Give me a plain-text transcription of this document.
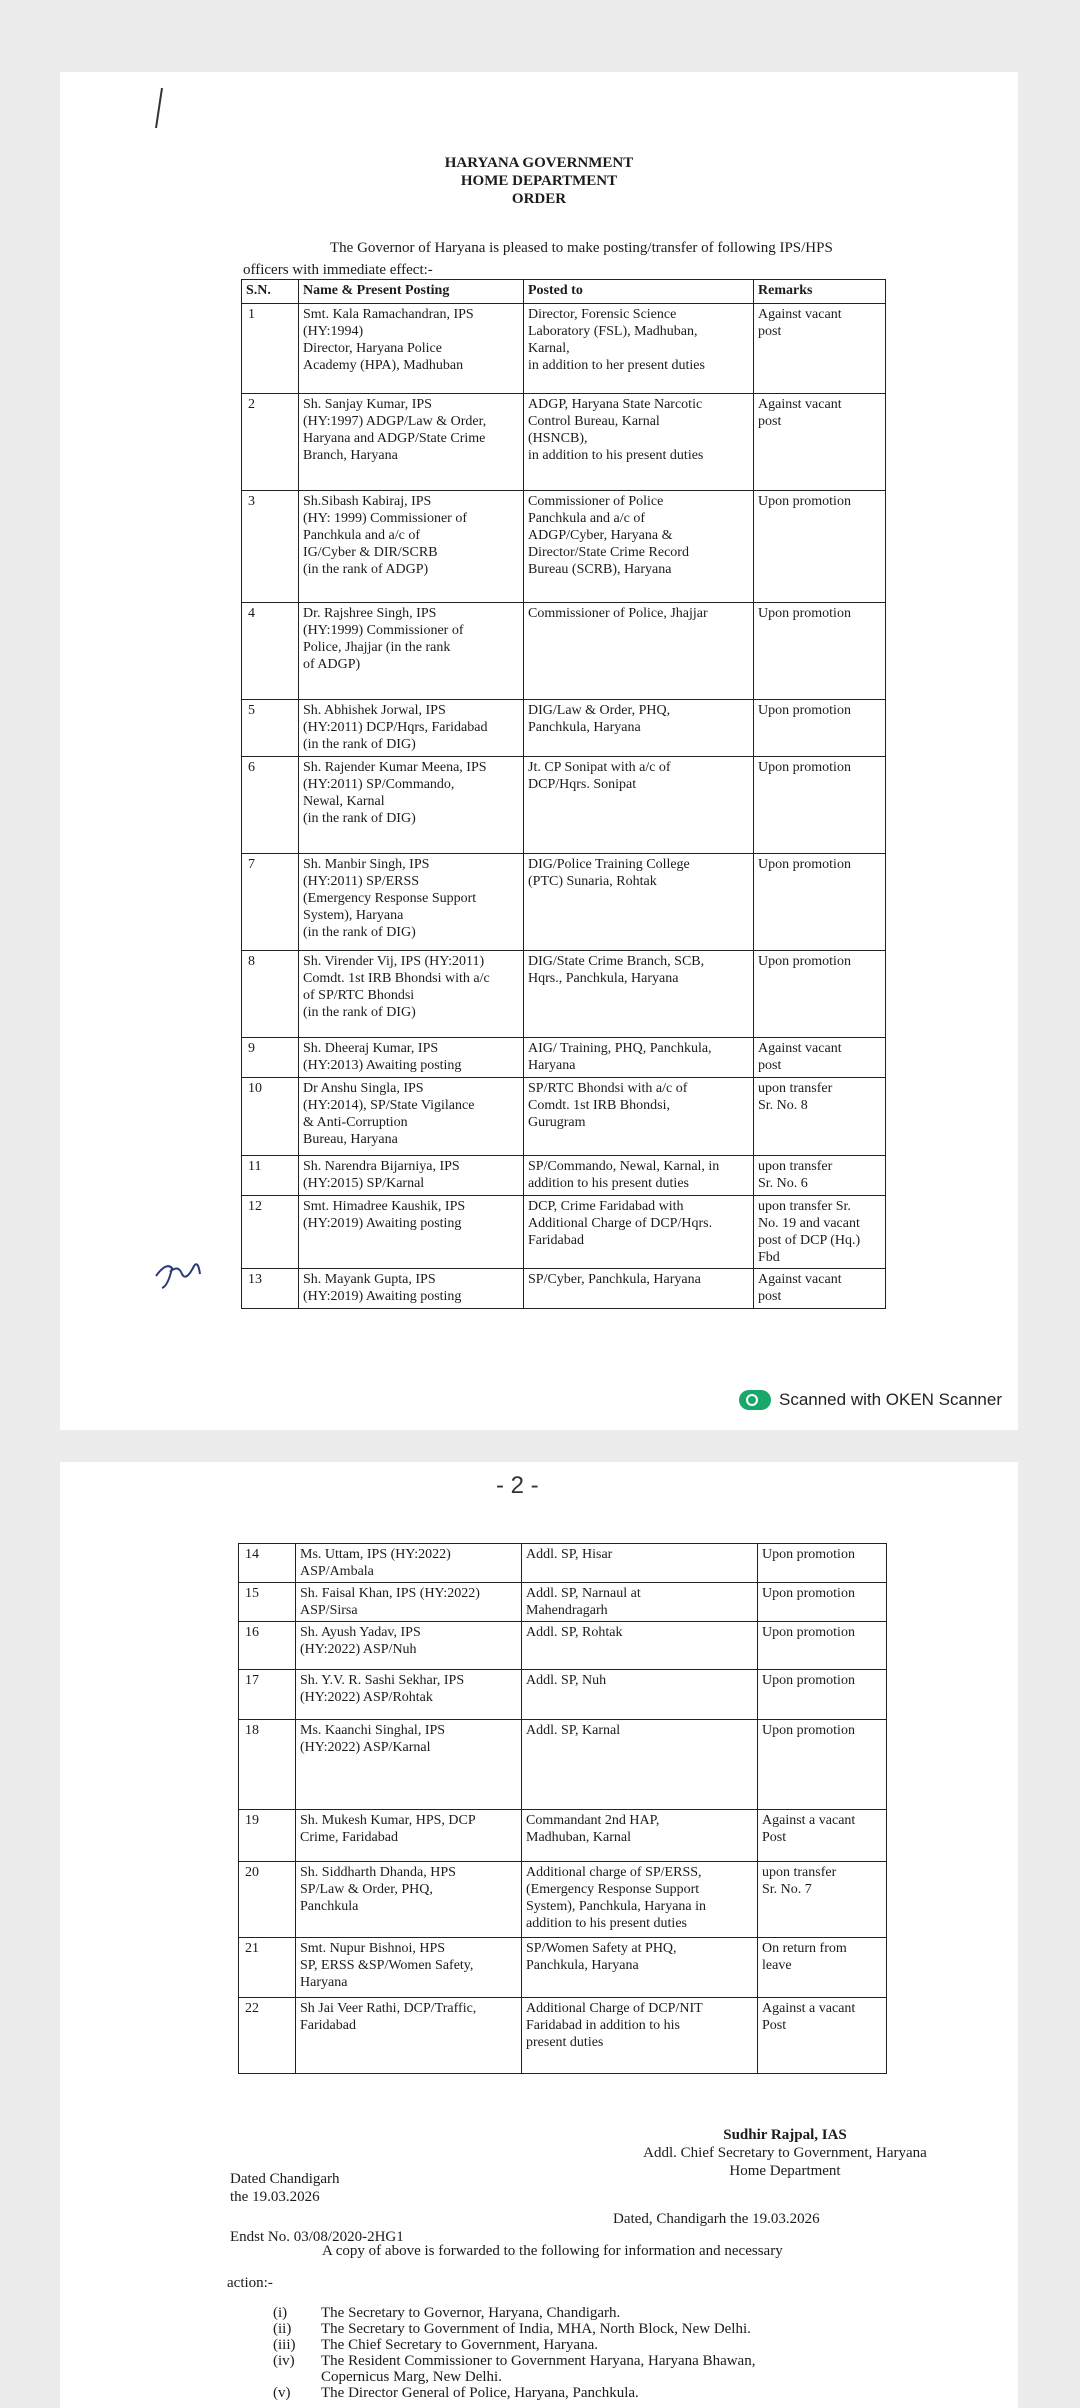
HARYANA GOVERNMENT
HOME DEPARTMENT
ORDER
The Governor of Haryana is pleased to make posting/transfer of following IPS/HPS
officers with immediate effect:-
S.N.	Name & Present Posting	Posted to	Remarks
1	Smt. Kala Ramachandran, IPS
(HY:1994)
Director, Haryana Police
Academy (HPA), Madhuban	Director, Forensic Science
Laboratory (FSL), Madhuban,
Karnal,
in addition to her present duties	Against vacant
post
2	Sh. Sanjay Kumar, IPS
(HY:1997) ADGP/Law & Order,
Haryana and ADGP/State Crime
Branch, Haryana	ADGP, Haryana State Narcotic
Control Bureau, Karnal
(HSNCB),
in addition to his present duties	Against vacant
post
3	Sh.Sibash Kabiraj, IPS
(HY: 1999) Commissioner of
Panchkula and a/c of
IG/Cyber & DIR/SCRB
(in the rank of ADGP)	Commissioner of Police
Panchkula and a/c of
ADGP/Cyber, Haryana &
Director/State Crime Record
Bureau (SCRB), Haryana	Upon promotion
4	Dr. Rajshree Singh, IPS
(HY:1999) Commissioner of
Police, Jhajjar (in the rank
of ADGP)	Commissioner of Police, Jhajjar	Upon promotion
5	Sh. Abhishek Jorwal, IPS
(HY:2011) DCP/Hqrs, Faridabad
(in the rank of DIG)	DIG/Law & Order, PHQ,
Panchkula, Haryana	Upon promotion
6	Sh. Rajender Kumar Meena, IPS
(HY:2011) SP/Commando,
Newal, Karnal
(in the rank of DIG)	Jt. CP Sonipat with a/c of
DCP/Hqrs. Sonipat	Upon promotion
7	Sh. Manbir Singh, IPS
(HY:2011) SP/ERSS
(Emergency Response Support
System), Haryana
(in the rank of DIG)	DIG/Police Training College
(PTC) Sunaria, Rohtak	Upon promotion
8	Sh. Virender Vij, IPS (HY:2011)
Comdt. 1st IRB Bhondsi with a/c
of SP/RTC Bhondsi
(in the rank of DIG)	DIG/State Crime Branch, SCB,
Hqrs., Panchkula, Haryana	Upon promotion
9	Sh. Dheeraj Kumar, IPS
(HY:2013) Awaiting posting	AIG/ Training, PHQ, Panchkula,
Haryana	Against vacant
post
10	Dr Anshu Singla, IPS
(HY:2014), SP/State Vigilance
& Anti-Corruption
Bureau, Haryana	SP/RTC Bhondsi with a/c of
Comdt. 1st IRB Bhondsi,
Gurugram	upon transfer
Sr. No. 8
11	Sh. Narendra Bijarniya, IPS
(HY:2015) SP/Karnal	SP/Commando, Newal, Karnal, in
addition to his present duties	upon transfer
Sr. No. 6
12	Smt. Himadree Kaushik, IPS
(HY:2019) Awaiting posting	DCP, Crime Faridabad with
Additional Charge of DCP/Hqrs.
Faridabad	upon transfer Sr.
No. 19 and vacant
post of DCP (Hq.)
Fbd
13	Sh. Mayank Gupta, IPS
(HY:2019) Awaiting posting	SP/Cyber, Panchkula, Haryana	Against vacant
post
Scanned with OKEN Scanner
- 2 -
14	Ms. Uttam, IPS (HY:2022)
ASP/Ambala	Addl. SP, Hisar	Upon promotion
15	Sh. Faisal Khan, IPS (HY:2022)
ASP/Sirsa	Addl. SP, Narnaul at
Mahendragarh	Upon promotion
16	Sh. Ayush Yadav, IPS
(HY:2022) ASP/Nuh	Addl. SP, Rohtak	Upon promotion
17	Sh. Y.V. R. Sashi Sekhar, IPS
(HY:2022) ASP/Rohtak	Addl. SP, Nuh	Upon promotion
18	Ms. Kaanchi Singhal, IPS
(HY:2022) ASP/Karnal	Addl. SP, Karnal	Upon promotion
19	Sh. Mukesh Kumar, HPS, DCP
Crime, Faridabad	Commandant 2nd HAP,
Madhuban, Karnal	Against a vacant
Post
20	Sh. Siddharth Dhanda, HPS
SP/Law & Order, PHQ,
Panchkula	Additional charge of SP/ERSS,
(Emergency Response Support
System), Panchkula, Haryana in
addition to his present duties	upon transfer
Sr. No. 7
21	Smt. Nupur Bishnoi, HPS
SP, ERSS &SP/Women Safety,
Haryana	SP/Women Safety at PHQ,
Panchkula, Haryana	On return from
leave
22	Sh Jai Veer Rathi, DCP/Traffic,
Faridabad	Additional Charge of DCP/NIT
Faridabad in addition to his
present duties	Against a vacant
Post
Sudhir Rajpal, IAS
Addl. Chief Secretary to Government, Haryana
Home Department
Dated Chandigarh
the 19.03.2026
Endst No. 03/08/2020-2HG1
Dated, Chandigarh the 19.03.2026
A copy of above is forwarded to the following for information and necessary
action:-
(i)	The Secretary to Governor, Haryana, Chandigarh.
(ii)	The Secretary to Government of India, MHA, North Block, New Delhi.
(iii)	The Chief Secretary to Government, Haryana.
(iv)	The Resident Commissioner to Government Haryana, Haryana Bhawan,
Copernicus Marg, New Delhi.
(v)	The Director General of Police, Haryana, Panchkula.
